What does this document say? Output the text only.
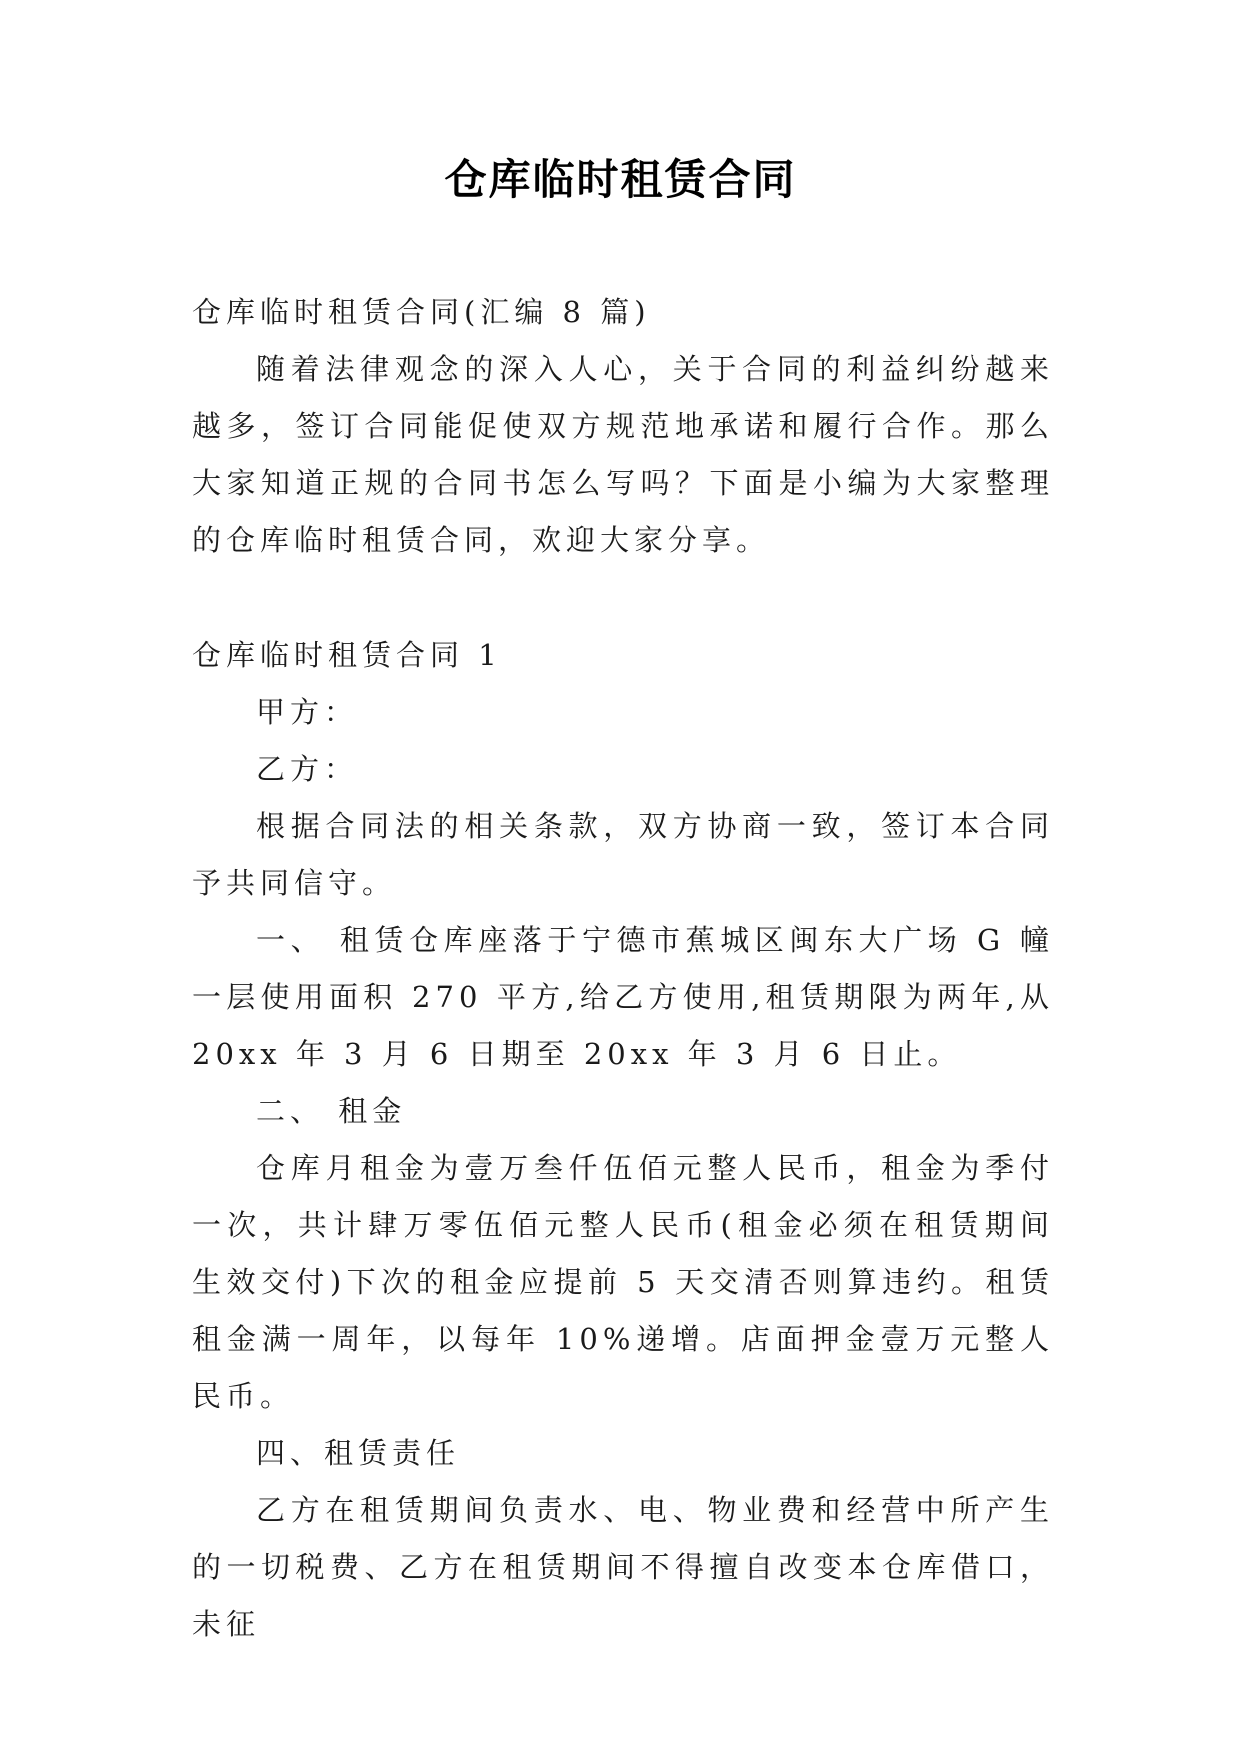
仓库临时租赁合同

仓库临时租赁合同(汇编 8 篇)

随着法律观念的深入人心，关于合同的利益纠纷越来越多，签订合同能促使双方规范地承诺和履行合作。那么大家知道正规的合同书怎么写吗？下面是小编为大家整理的仓库临时租赁合同，欢迎大家分享。

仓库临时租赁合同 1

甲方：

乙方：

根据合同法的相关条款，双方协商一致，签订本合同予共同信守。

一、 租赁仓库座落于宁德市蕉城区闽东大广场 G 幢一层使用面积 270 平方,给乙方使用,租赁期限为两年,从 20xx 年 3 月 6 日期至 20xx 年 3 月 6 日止。

二、 租金

仓库月租金为壹万叁仟伍佰元整人民币，租金为季付一次，共计肆万零伍佰元整人民币(租金必须在租赁期间生效交付)下次的租金应提前 5 天交清否则算违约。租赁租金满一周年，以每年 10%递增。店面押金壹万元整人民币。

四、租赁责任

乙方在租赁期间负责水、电、物业费和经营中所产生的一切税费、乙方在租赁期间不得擅自改变本仓库借口，未征
